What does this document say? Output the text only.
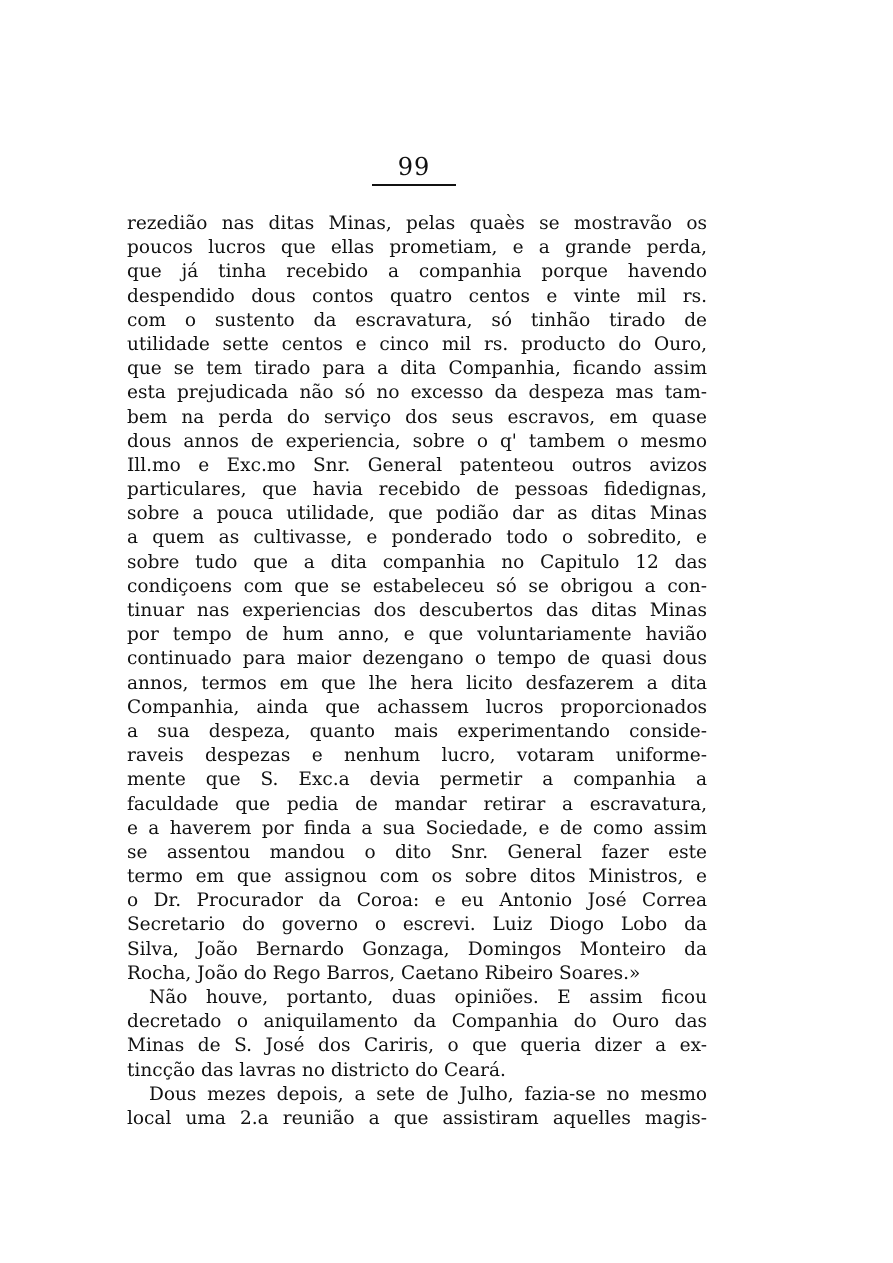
99
rezedião nas ditas Minas, pelas quaès se mostravão os
poucos lucros que ellas prometiam, e a grande perda,
que já tinha recebido a companhia porque havendo
despendido dous contos quatro centos e vinte mil rs.
com o sustento da escravatura, só tinhão tirado de
utilidade sette centos e cinco mil rs. producto do Ouro,
que se tem tirado para a dita Companhia, ficando assim
esta prejudicada não só no excesso da despeza mas tam-
bem na perda do serviço dos seus escravos, em quase
dous annos de experiencia, sobre o q' tambem o mesmo
Ill.mo e Exc.mo Snr. General patenteou outros avizos
particulares, que havia recebido de pessoas fidedignas,
sobre a pouca utilidade, que podião dar as ditas Minas
a quem as cultivasse, e ponderado todo o sobredito, e
sobre tudo que a dita companhia no Capitulo 12 das
condiçoens com que se estabeleceu só se obrigou a con-
tinuar nas experiencias dos descubertos das ditas Minas
por tempo de hum anno, e que voluntariamente havião
continuado para maior dezengano o tempo de quasi dous
annos, termos em que lhe hera licito desfazerem a dita
Companhia, ainda que achassem lucros proporcionados
a sua despeza, quanto mais experimentando conside-
raveis despezas e nenhum lucro, votaram uniforme-
mente que S. Exc.a devia permetir a companhia a
faculdade que pedia de mandar retirar a escravatura,
e a haverem por finda a sua Sociedade, e de como assim
se assentou mandou o dito Snr. General fazer este
termo em que assignou com os sobre ditos Ministros, e
o Dr. Procurador da Coroa: e eu Antonio José Correa
Secretario do governo o escrevi. Luiz Diogo Lobo da
Silva, João Bernardo Gonzaga, Domingos Monteiro da
Rocha, João do Rego Barros, Caetano Ribeiro Soares.»
Não houve, portanto, duas opiniões. E assim ficou
decretado o aniquilamento da Companhia do Ouro das
Minas de S. José dos Cariris, o que queria dizer a ex-
tincção das lavras no districto do Ceará.
Dous mezes depois, a sete de Julho, fazia-se no mesmo
local uma 2.a reunião a que assistiram aquelles magis-
